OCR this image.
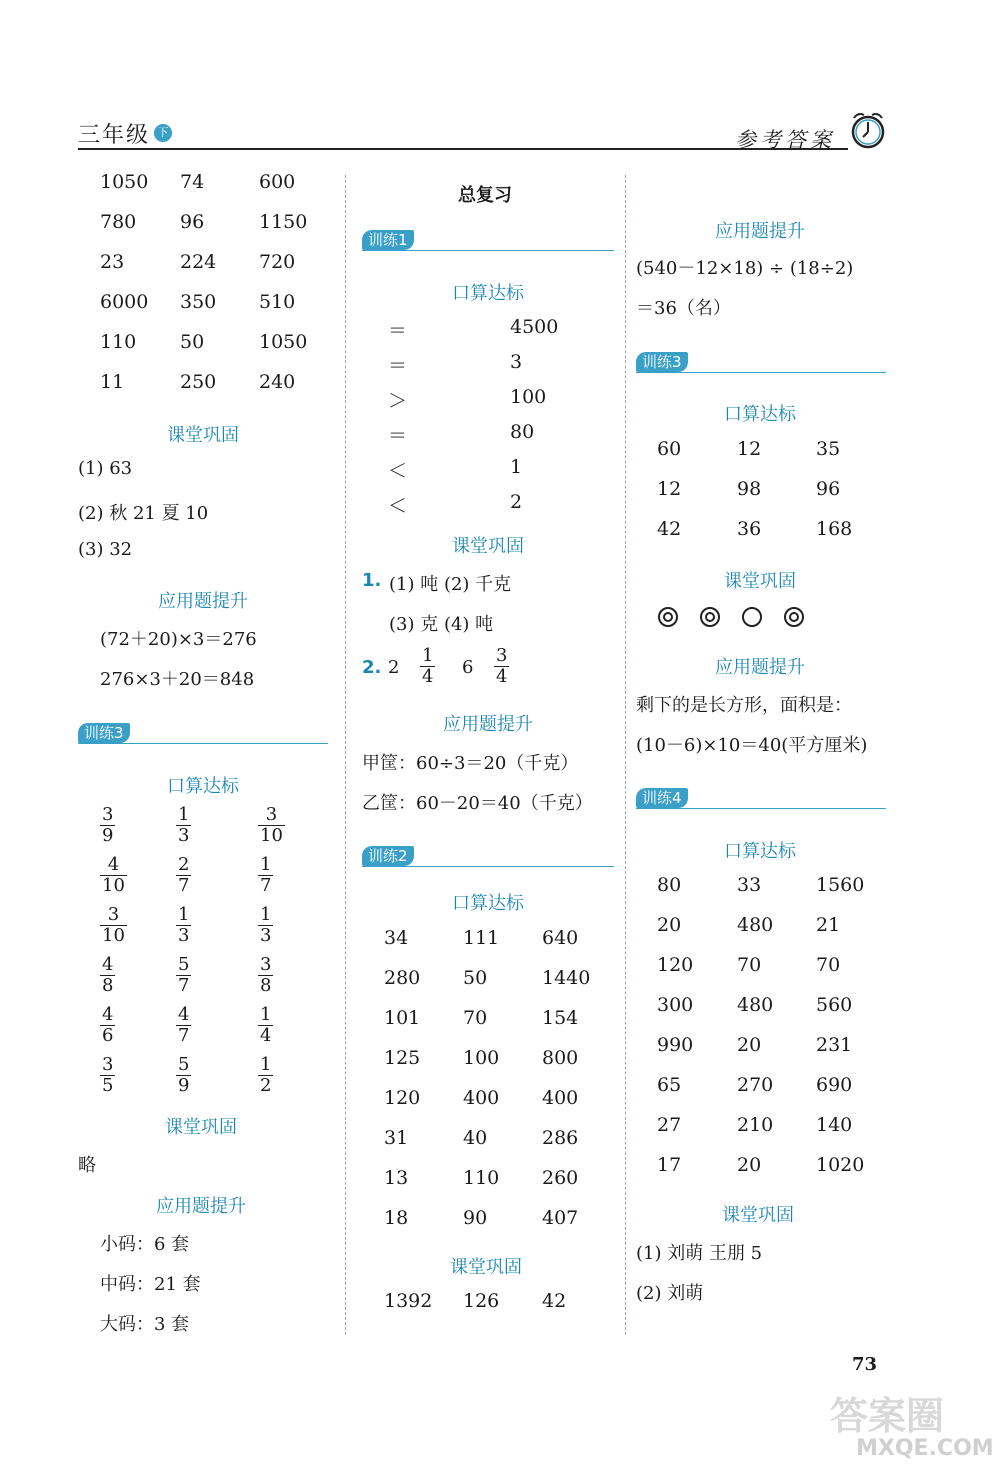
三年级 下	参考答案
1050 74	600
780 96	1150
23	224 720
6000 350 510
110 50	1050
11	250 240
课堂巩固
(1) 63
(2) 秋 21 夏 10
(3) 32
应用题提升
(72＋20)×3＝276
276×3＋20＝848
训练3
口算达标
$\frac{3}{9}$	$\frac{1}{3}$	$\frac{3}{10}$
$\frac{4}{10}$	$\frac{2}{7}$	$\frac{1}{7}$
$\frac{3}{10}$	$\frac{1}{3}$	$\frac{1}{3}$
$\frac{4}{8}$	$\frac{5}{7}$	$\frac{3}{8}$
$\frac{4}{6}$	$\frac{4}{7}$	$\frac{1}{4}$
$\frac{3}{5}$	$\frac{5}{9}$	$\frac{1}{2}$
课堂巩固
略
应用题提升
小码：6 套
中码：21 套
大码：3 套
总复习
训练1
口算达标
＝	4500
＝	3
＞	100
＝	80
＜	1
＜	2
课堂巩固
1. (1) 吨 (2) 千克
(3) 克 (4) 吨
2. $2 \frac{1}{4} 6 \frac{3}{4}$
应用题提升
甲筐：60÷3＝20（千克）
乙筐：60－20＝40（千克）
训练2
口算达标
34	111 640
280 50	1440
101 70	154
125 100 800
120 400 400
31	40	286
13	110 260
18	90	407
课堂巩固
1392 126 42
应用题提升
(540－12×18) ÷ (18÷2)
＝36（名）
训练3
口算达标
60	12	35
12	98	96
42	36	168
课堂巩固
应用题提升
剩下的是长方形，面积是：
(10－6)×10＝40(平方厘米)
训练4
口算达标
80	33	1560
20	480 21
120 70	70
300 480 560
990 20	231
65	270 690
27	210 140
17	20	1020
课堂巩固
(1) 刘萌 王朋 5
(2) 刘萌
73
答案圈
MXQE.COM
